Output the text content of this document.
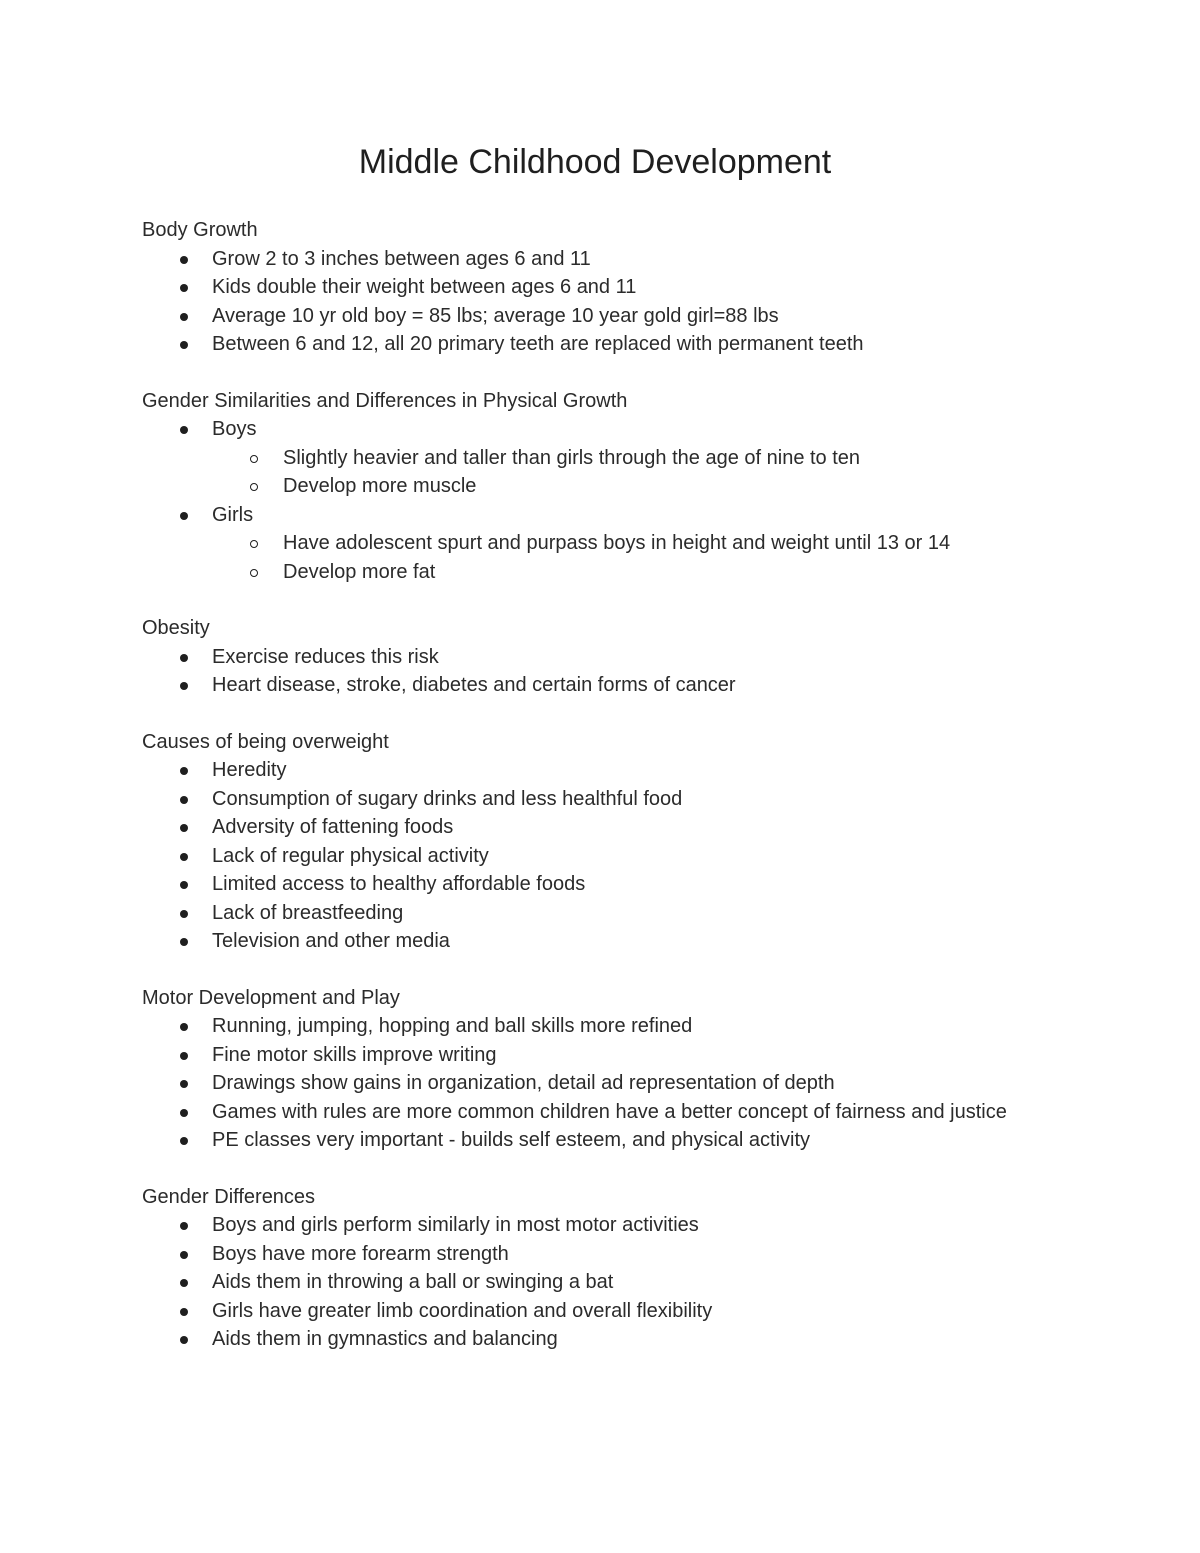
Middle Childhood Development

Body Growth

Grow 2 to 3 inches between ages 6 and 11
Kids double their weight between ages 6 and 11
Average 10 yr old boy = 85 lbs; average 10 year gold girl=88 lbs
Between 6 and 12, all 20 primary teeth are replaced with permanent teeth

Gender Similarities and Differences in Physical Growth

Boys
Slightly heavier and taller than girls through the age of nine to ten
Develop more muscle
Girls
Have adolescent spurt and purpass boys in height and weight until 13 or 14
Develop more fat

Obesity

Exercise reduces this risk
Heart disease, stroke, diabetes and certain forms of cancer

Causes of being overweight

Heredity
Consumption of sugary drinks and less healthful food
Adversity of fattening foods
Lack of regular physical activity
Limited access to healthy affordable foods
Lack of breastfeeding
Television and other media

Motor Development and Play

Running, jumping, hopping and ball skills more refined
Fine motor skills improve writing
Drawings show gains in organization, detail ad representation of depth
Games with rules are more common children have a better concept of fairness and justice
PE classes very important - builds self esteem, and physical activity

Gender Differences

Boys and girls perform similarly in most motor activities
Boys have more forearm strength
Aids them in throwing a ball or swinging a bat
Girls have greater limb coordination and overall flexibility
Aids them in gymnastics and balancing
